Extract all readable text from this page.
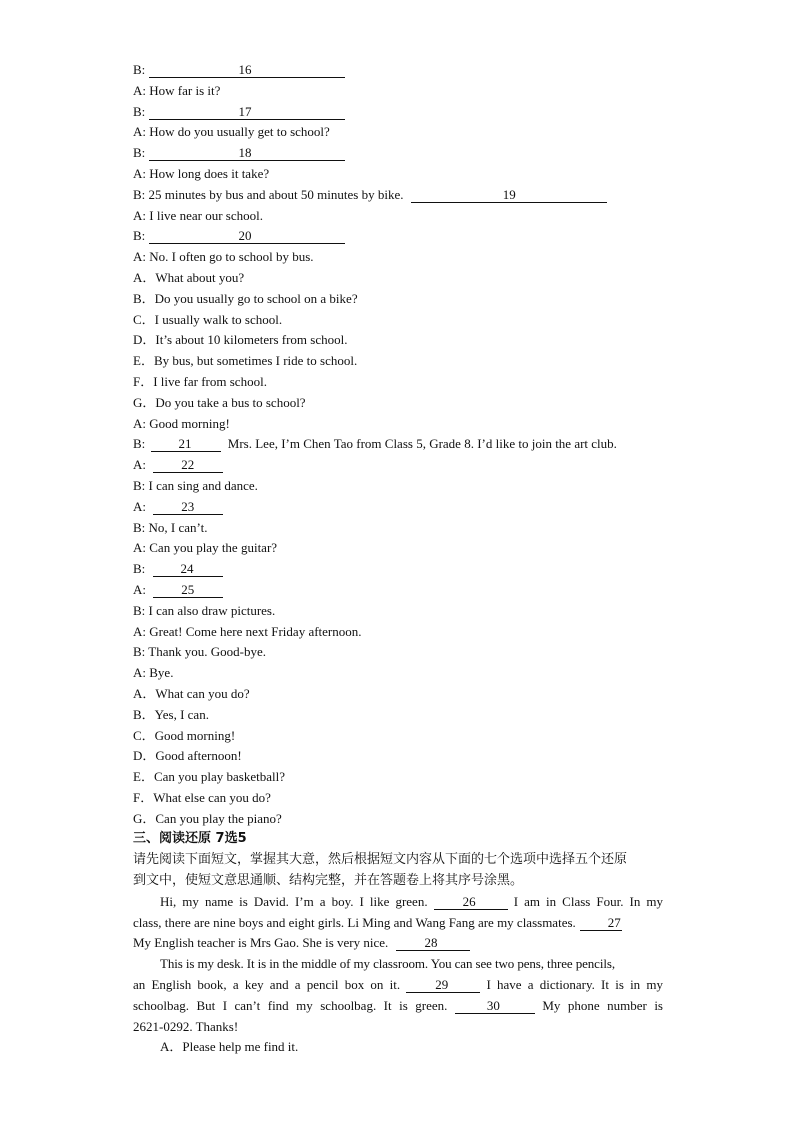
B:	16
A: How far is it?
B:	17
A: How do you usually get to school?
B:	18
A: How long does it take?
B: 25 minutes by bus and about 50 minutes by bike.	19
A: I live near our school.
B:	20
A: No. I often go to school by bus.
A．What about you?
B．Do you usually go to school on a bike?
C．I usually walk to school.
D．It’s about 10 kilometers from school.
E．By bus, but sometimes I ride to school.
F．I live far from school.
G．Do you take a bus to school?
A: Good morning!
B:	21	Mrs. Lee, I’m Chen Tao from Class 5, Grade 8. I’d like to join the art club.
A:	22
B: I can sing and dance.
A:	23
B: No, I can’t.
A: Can you play the guitar?
B:	24
A:	25
B: I can also draw pictures.
A: Great! Come here next Friday afternoon.
B: Thank you. Good-bye.
A: Bye.
A．What can you do?
B．Yes, I can.
C．Good morning!
D．Good afternoon!
E．Can you play basketball?
F．What else can you do?
G．Can you play the piano?
三、阅读还原 7选5
请先阅读下面短文，掌握其大意，然后根据短文内容从下面的七个选项中选择五个还原
到文中，使短文意思通顺、结构完整，并在答题卷上将其序号涂黑。
Hi, my name is David. I’m a boy. I like green.	26	I am in Class Four. In my
class, there are nine boys and eight girls. Li Ming and Wang Fang are my classmates. 27
My English teacher is Mrs Gao. She is very nice.	28
This is my desk. It is in the middle of my classroom. You can see two pens, three pencils,
an English book, a key and a pencil box on it.	29	I have a dictionary. It is in my
schoolbag. But I can’t find my schoolbag. It is green.	30	My phone number is
2621-0292. Thanks!
A．Please help me find it.
